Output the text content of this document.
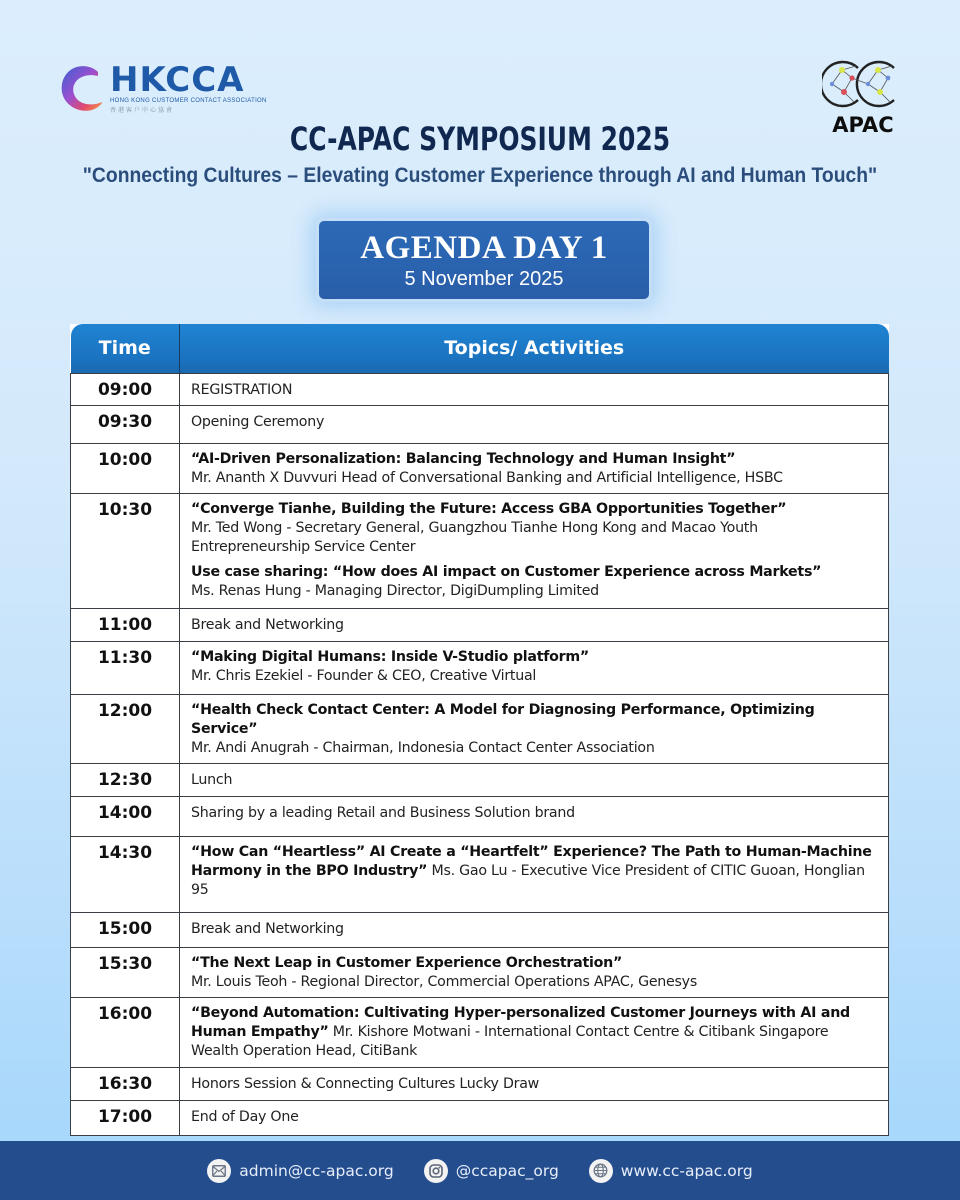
HKCCA
HONG KONG CUSTOMER CONTACT ASSOCIATION
香港客户中心協會
APAC
CC-APAC SYMPOSIUM 2025
"Connecting Cultures – Elevating Customer Experience through AI and Human Touch"
AGENDA DAY 1
5 November 2025
Time	Topics/ Activities
09:00	REGISTRATION

09:30	Opening Ceremony

10:00	“AI-Driven Personalization: Balancing Technology and Human Insight”
Mr. Ananth X Duvvuri Head of Conversational Banking and Artificial Intelligence, HSBC

10:30	“Converge Tianhe, Building the Future: Access GBA Opportunities Together”
Mr. Ted Wong - Secretary General, Guangzhou Tianhe Hong Kong and Macao Youth Entrepreneurship Service Center
Use case sharing: “How does AI impact on Customer Experience across Markets”
Ms. Renas Hung - Managing Director, DigiDumpling Limited

11:00	Break and Networking

11:30	“Making Digital Humans: Inside V-Studio platform”
Mr. Chris Ezekiel - Founder & CEO, Creative Virtual

12:00	“Health Check Contact Center: A Model for Diagnosing Performance, Optimizing Service”
Mr. Andi Anugrah - Chairman, Indonesia Contact Center Association

12:30	Lunch

14:00	Sharing by a leading Retail and Business Solution brand

14:30	“How Can “Heartless” AI Create a “Heartfelt” Experience? The Path to Human-Machine Harmony in the BPO Industry” Ms. Gao Lu - Executive Vice President of CITIC Guoan, Honglian 95

15:00	Break and Networking

15:30	“The Next Leap in Customer Experience Orchestration”
Mr. Louis Teoh - Regional Director, Commercial Operations APAC, Genesys

16:00	“Beyond Automation: Cultivating Hyper-personalized Customer Journeys with AI and Human Empathy” Mr. Kishore Motwani - International Contact Centre & Citibank Singapore Wealth Operation Head, CitiBank

16:30	Honors Session & Connecting Cultures Lucky Draw

17:00	End of Day One
admin@cc-apac.org	@ccapac_org	www.cc-apac.org
